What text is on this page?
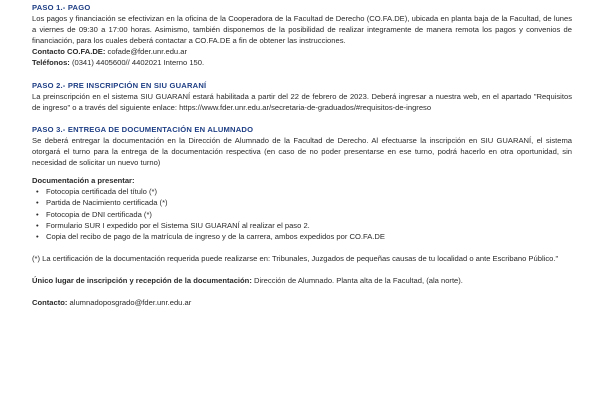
PASO 1.- PAGO

Los pagos y financiación se efectivizan en la oficina de la Cooperadora de la Facultad de Derecho (CO.FA.DE), ubicada en planta baja de la Facultad, de lunes a viernes de 09:30 a 17:00 horas. Asimismo, también disponemos de la posibilidad de realizar integramente de manera remota los pagos y convenios de financiación, para los cuales deberá contactar a CO.FA.DE a fin de obtener las instrucciones.

Contacto CO.FA.DE: cofade@fder.unr.edu.ar
Teléfonos: (0341) 4405600// 4402021 Interno 150.
PASO 2.- PRE INSCRIPCIÓN EN SIU GUARANÍ

La preinscripción en el sistema SIU GUARANÍ estará habilitada a partir del 22 de febrero de 2023. Deberá ingresar a nuestra web, en el apartado "Requisitos de ingreso" o a través del siguiente enlace: https://www.fder.unr.edu.ar/secretaria-de-graduados/#requisitos-de-ingreso

PASO 3.- ENTREGA DE DOCUMENTACIÓN EN ALUMNADO

Se deberá entregar la documentación en la Dirección de Alumnado de la Facultad de Derecho. Al efectuarse la inscripción en SIU GUARANÍ, el sistema otorgará el turno para la entrega de la documentación respectiva (en caso de no poder presentarse en ese turno, podrá hacerlo en otra oportunidad, sin necesidad de solicitar un nuevo turno)

Documentación a presentar:
• Fotocopia certificada del título (*)
• Partida de Nacimiento certificada (*)
• Fotocopia de DNI certificada (*)
• Formulario SUR I expedido por el Sistema SIU GUARANÍ al realizar el paso 2.
• Copia del recibo de pago de la matrícula de ingreso y de la carrera, ambos expedidos por CO.FA.DE

(*) La certificación de la documentación requerida puede realizarse en: Tribunales, Juzgados de pequeñas causas de tu localidad o ante Escribano Público."

Único lugar de inscripción y recepción de la documentación: Dirección de Alumnado. Planta alta de la Facultad, (ala norte).
Contacto: alumnadoposgrado@fder.unr.edu.ar
